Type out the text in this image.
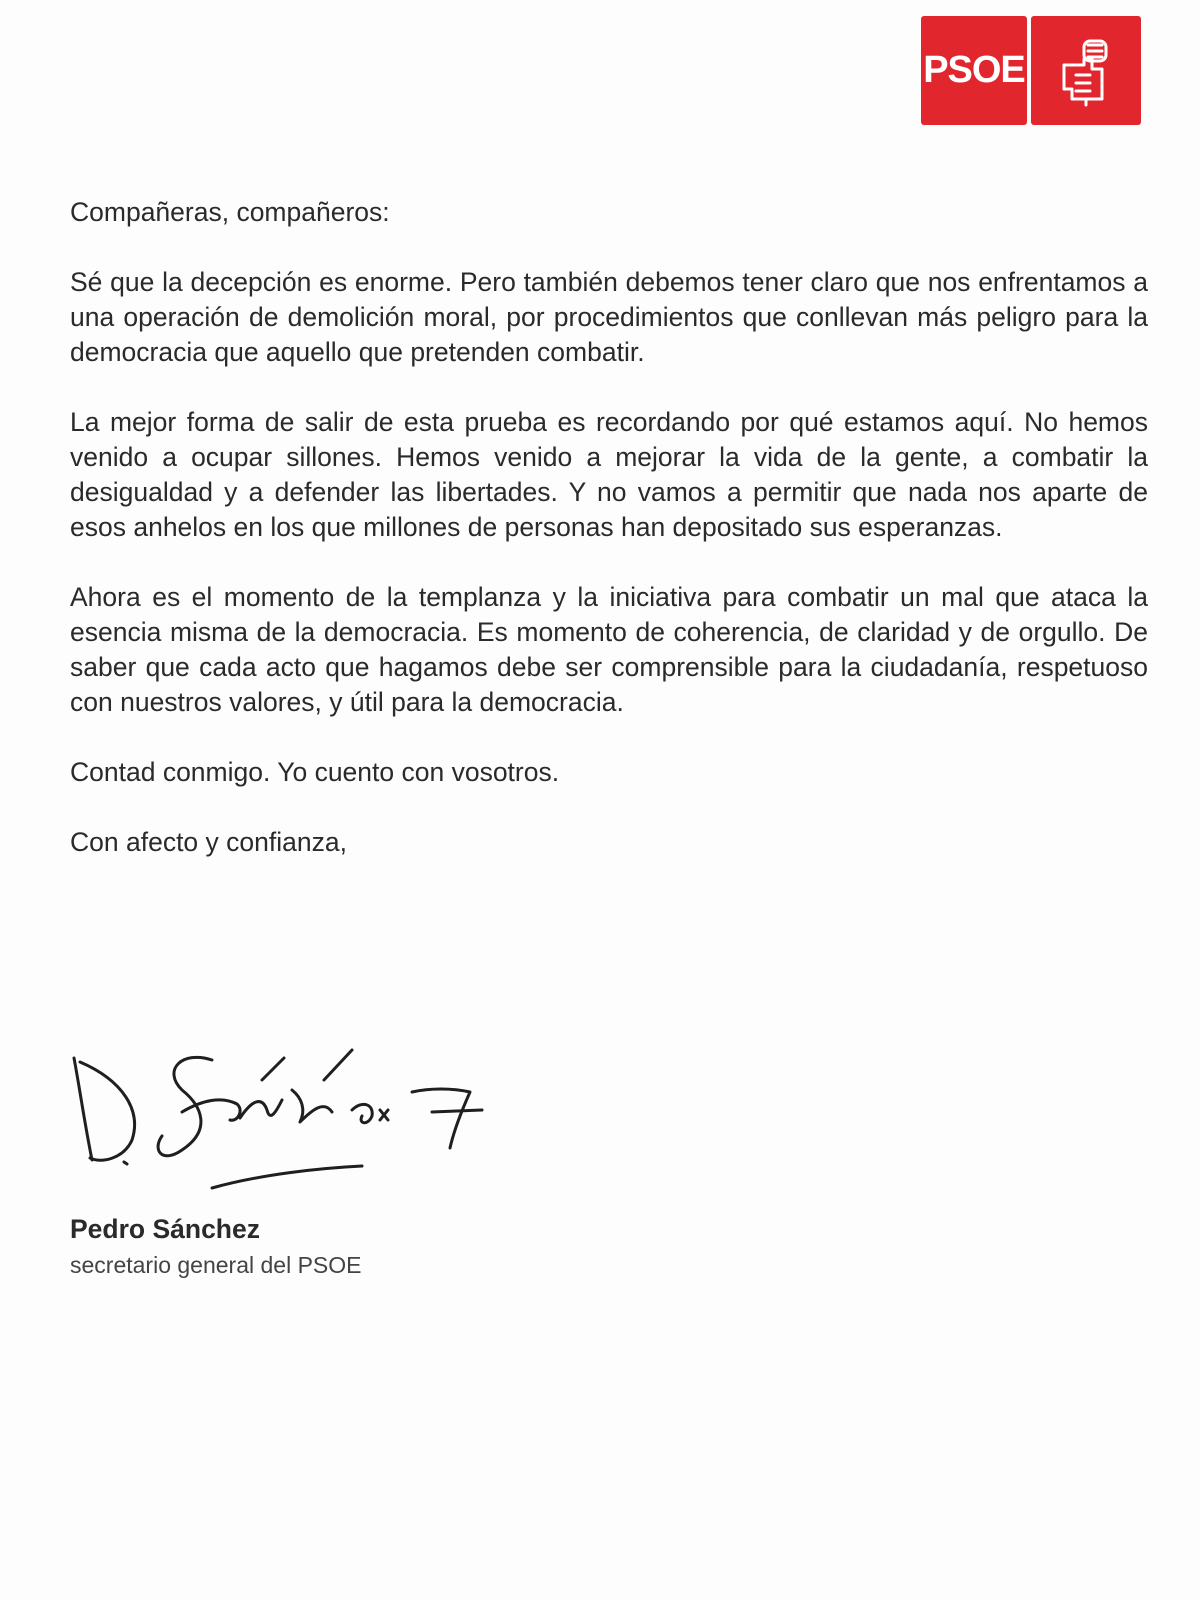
PSOE

Compañeras, compañeros:

Sé que la decepción es enorme. Pero también debemos tener claro que nos enfrentamos a una operación de demolición moral, por procedimientos que conllevan más peligro para la democracia que aquello que pretenden combatir.

La mejor forma de salir de esta prueba es recordando por qué estamos aquí. No hemos venido a ocupar sillones. Hemos venido a mejorar la vida de la gente, a combatir la desigualdad y a defender las libertades. Y no vamos a permitir que nada nos aparte de esos anhelos en los que millones de personas han depositado sus esperanzas.

Ahora es el momento de la templanza y la iniciativa para combatir un mal que ataca la esencia misma de la democracia. Es momento de coherencia, de claridad y de orgullo. De saber que cada acto que hagamos debe ser comprensible para la ciudadanía, respetuoso con nuestros valores, y útil para la democracia.

Contad conmigo. Yo cuento con vosotros.

Con afecto y confianza,

Pedro Sánchez
secretario general del PSOE
